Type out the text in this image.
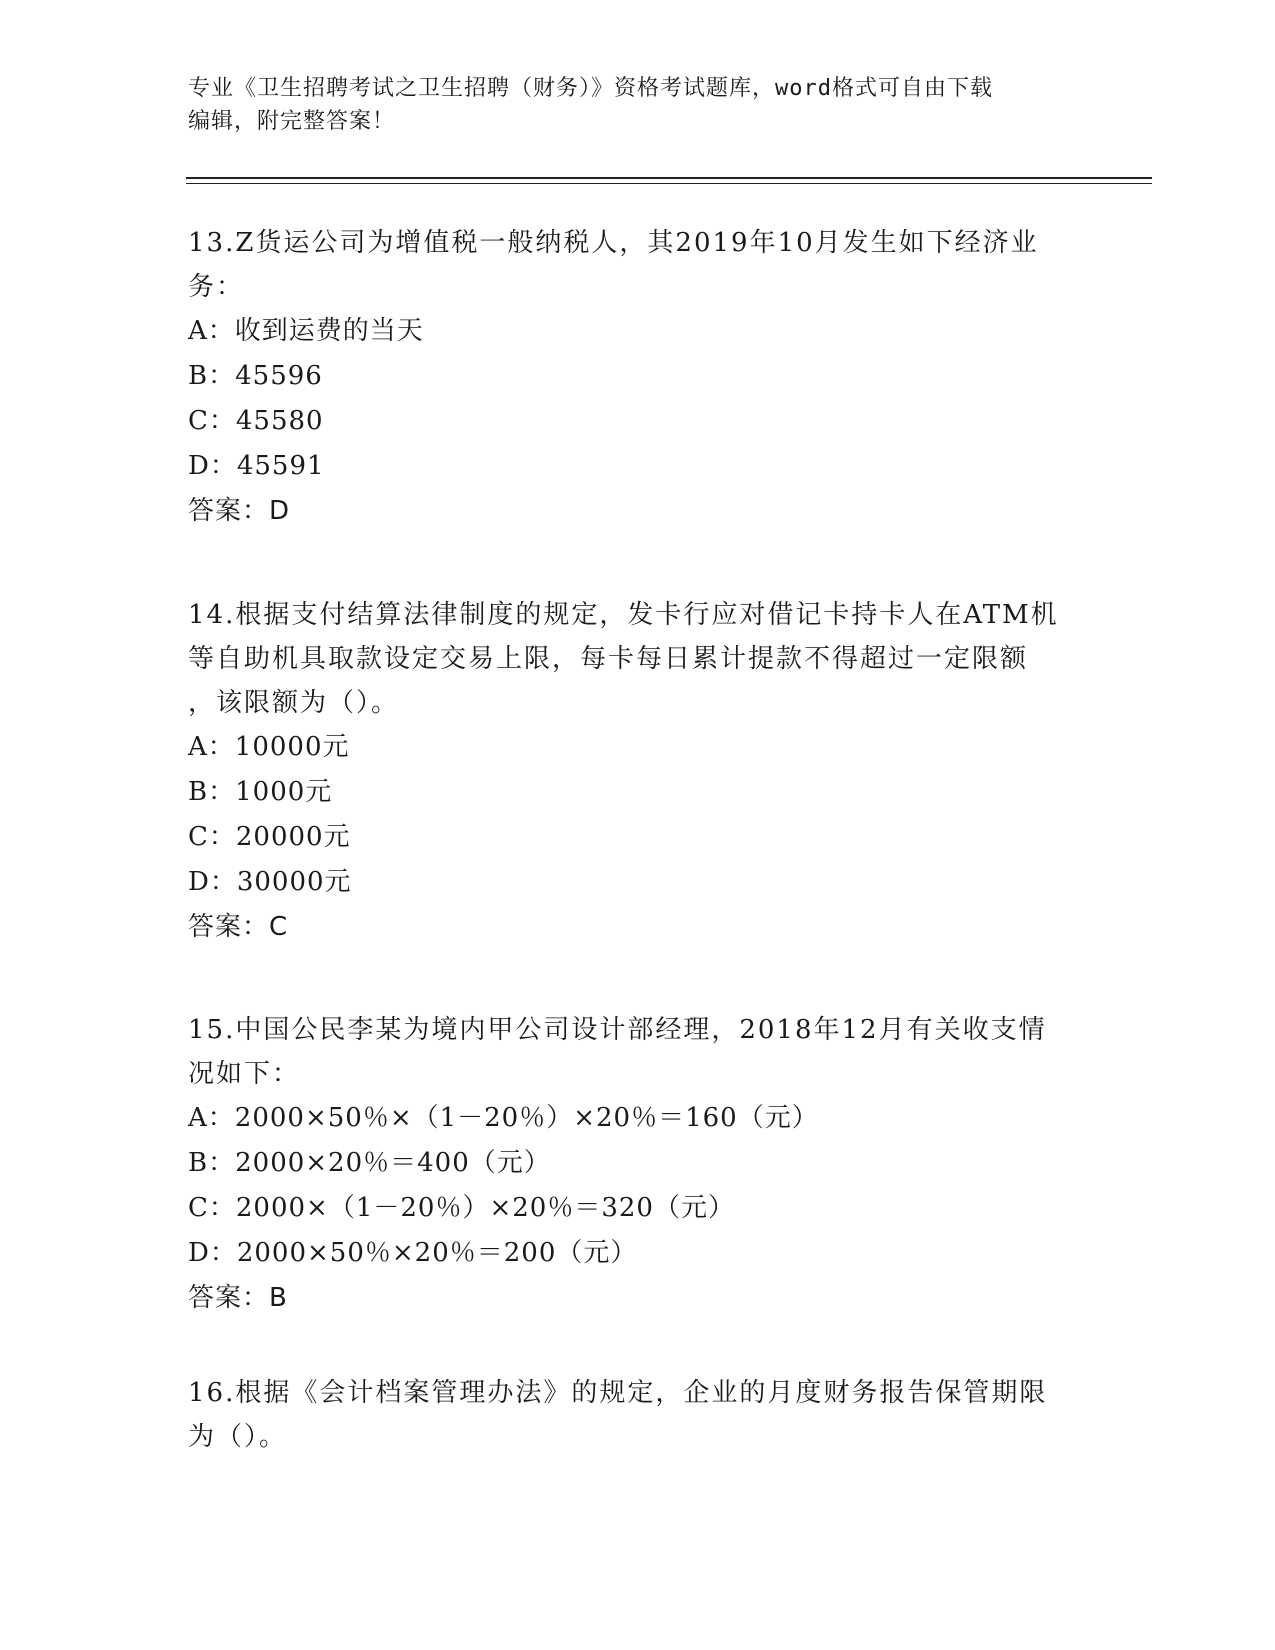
专业《卫生招聘考试之卫生招聘（财务）》资格考试题库，word格式可自由下载
编辑，附完整答案！

13.Z货运公司为增值税一般纳税人，其2019年10月发生如下经济业
务：

A：收到运费的当天
B：45596
C：45580
D：45591
答案：D

14.根据支付结算法律制度的规定，发卡行应对借记卡持卡人在ATM机
等自助机具取款设定交易上限，每卡每日累计提款不得超过一定限额
，该限额为（）。

A：10000元
B：1000元
C：20000元
D：30000元
答案：C

15.中国公民李某为境内甲公司设计部经理，2018年12月有关收支情
况如下：

A：2000×50％×（1－20％）×20％＝160（元）
B：2000×20％＝400（元）
C：2000×（1－20％）×20％＝320（元）
D：2000×50％×20％＝200（元）
答案：B

16.根据《会计档案管理办法》的规定，企业的月度财务报告保管期限
为（）。
